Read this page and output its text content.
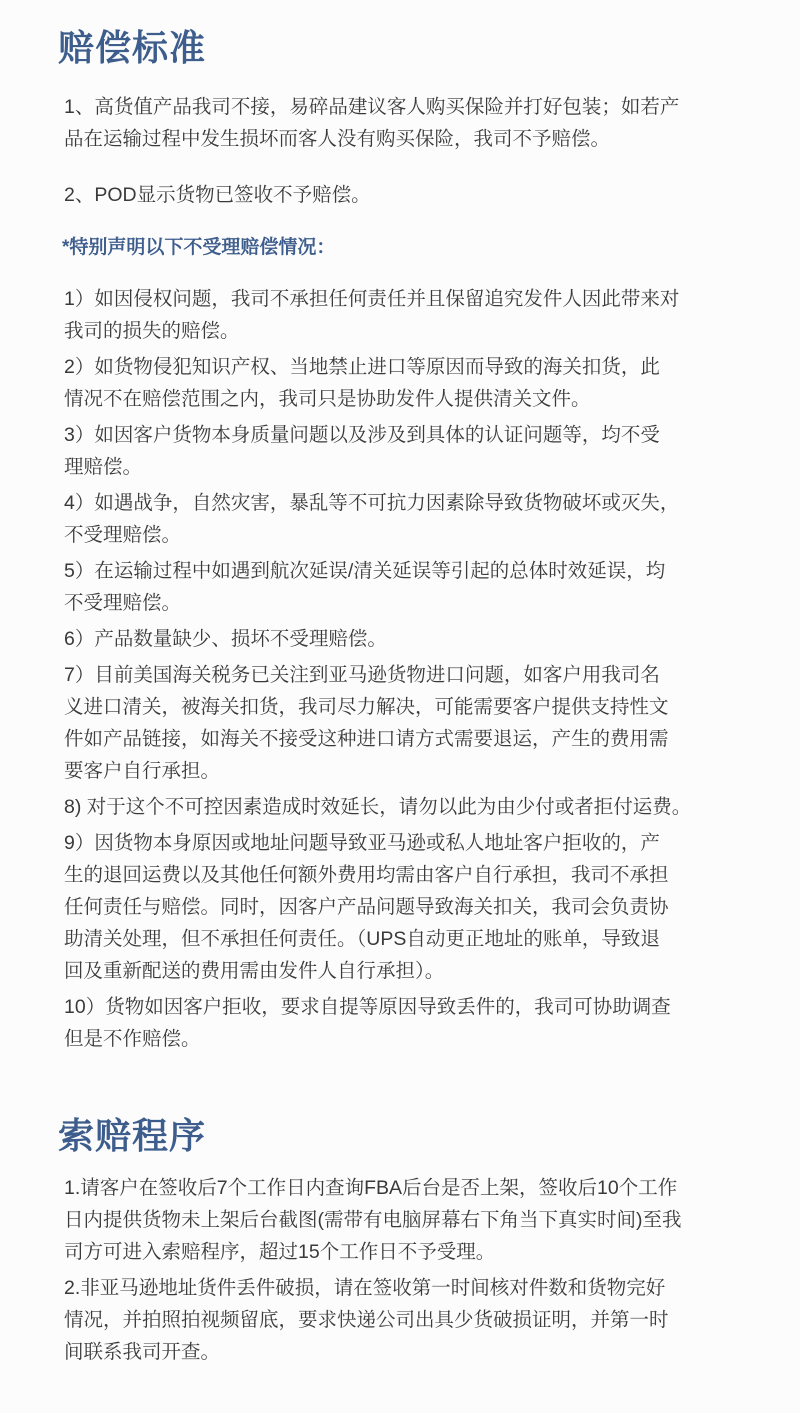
赔偿标准
1、高货值产品我司不接，易碎品建议客人购买保险并打好包装；如若产
品在运输过程中发生损坏而客人没有购买保险，我司不予赔偿。
2、POD显示货物已签收不予赔偿。
*特别声明以下不受理赔偿情况：
1）如因侵权问题，我司不承担任何责任并且保留追究发件人因此带来对
我司的损失的赔偿。
2）如货物侵犯知识产权、当地禁止进口等原因而导致的海关扣货，此
情况不在赔偿范围之内，我司只是协助发件人提供清关文件。
3）如因客户货物本身质量问题以及涉及到具体的认证问题等，均不受
理赔偿。
4）如遇战争，自然灾害，暴乱等不可抗力因素除导致货物破坏或灭失，
不受理赔偿。
5）在运输过程中如遇到航次延误/清关延误等引起的总体时效延误，均
不受理赔偿。
6）产品数量缺少、损坏不受理赔偿。
7）目前美国海关税务已关注到亚马逊货物进口问题，如客户用我司名
义进口清关，被海关扣货，我司尽力解决，可能需要客户提供支持性文
件如产品链接，如海关不接受这种进口请方式需要退运，产生的费用需
要客户自行承担。
8) 对于这个不可控因素造成时效延长，请勿以此为由少付或者拒付运费。
9）因货物本身原因或地址问题导致亚马逊或私人地址客户拒收的，产
生的退回运费以及其他任何额外费用均需由客户自行承担，我司不承担
任何责任与赔偿。同时，因客户产品问题导致海关扣关，我司会负责协
助清关处理，但不承担任何责任。（UPS自动更正地址的账单，导致退
回及重新配送的费用需由发件人自行承担）。
10）货物如因客户拒收，要求自提等原因导致丢件的，我司可协助调查
但是不作赔偿。
索赔程序
1.请客户在签收后7个工作日内查询FBA后台是否上架，签收后10个工作
日内提供货物未上架后台截图(需带有电脑屏幕右下角当下真实时间)至我
司方可进入索赔程序，超过15个工作日不予受理。
2.非亚马逊地址货件丢件破损，请在签收第一时间核对件数和货物完好
情况，并拍照拍视频留底，要求快递公司出具少货破损证明，并第一时
间联系我司开查。
